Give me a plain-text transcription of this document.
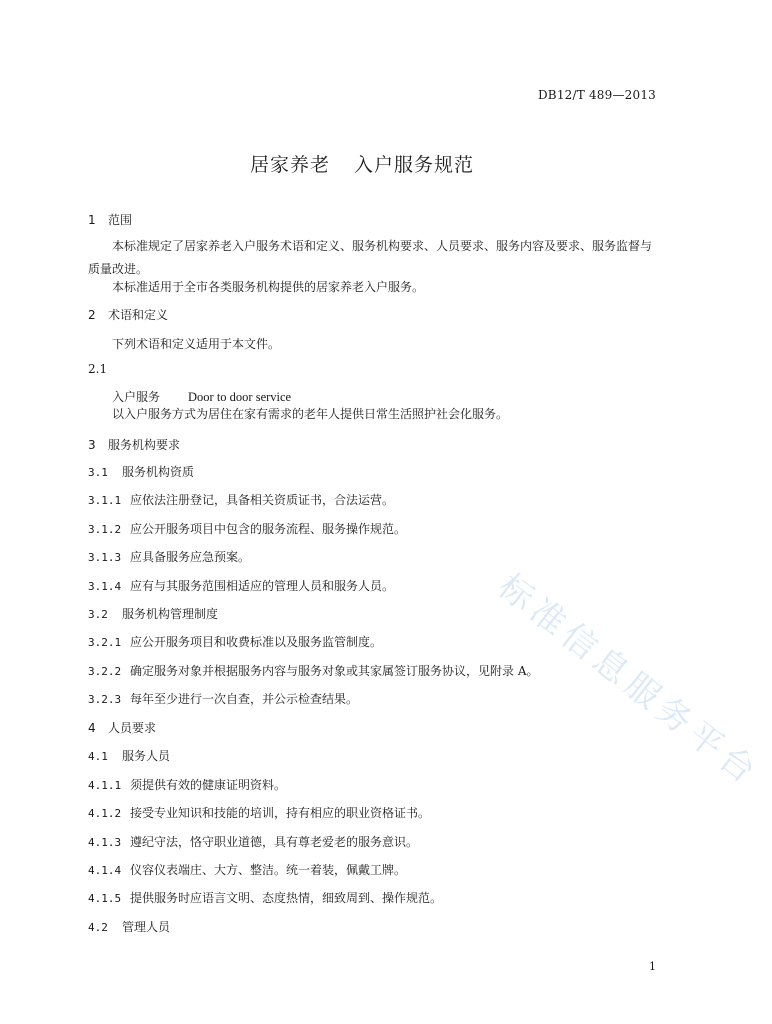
DB12/T 489—2013
居家养老 入户服务规范
1 范围
本标准规定了居家养老入户服务术语和定义、服务机构要求、人员要求、服务内容及要求、服务监督与质量改进。
本标准适用于全市各类服务机构提供的居家养老入户服务。
2 术语和定义
下列术语和定义适用于本文件。
2.1
入户服务 Door to door service
以入户服务方式为居住在家有需求的老年人提供日常生活照护社会化服务。
3 服务机构要求
3.1 服务机构资质
3.1.1 应依法注册登记，具备相关资质证书，合法运营。
3.1.2 应公开服务项目中包含的服务流程、服务操作规范。
3.1.3 应具备服务应急预案。
3.1.4 应有与其服务范围相适应的管理人员和服务人员。
3.2 服务机构管理制度
3.2.1 应公开服务项目和收费标准以及服务监管制度。
3.2.2 确定服务对象并根据服务内容与服务对象或其家属签订服务协议，见附录 A。
3.2.3 每年至少进行一次自查，并公示检查结果。
4 人员要求
4.1 服务人员
4.1.1 须提供有效的健康证明资料。
4.1.2 接受专业知识和技能的培训，持有相应的职业资格证书。
4.1.3 遵纪守法，恪守职业道德，具有尊老爱老的服务意识。
4.1.4 仪容仪表端庄、大方、整洁。统一着装，佩戴工牌。
4.1.5 提供服务时应语言文明、态度热情，细致周到、操作规范。
4.2 管理人员
1
标准信息服务平台
